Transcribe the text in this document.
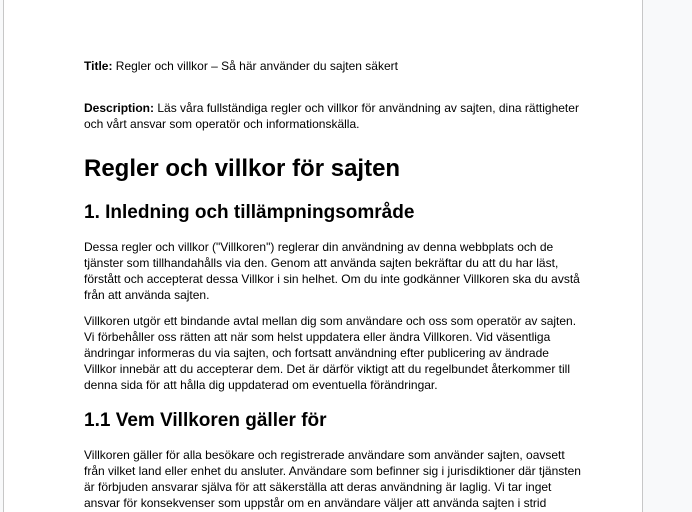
Title: Regler och villkor – Så här använder du sajten säkert

Description: Läs våra fullständiga regler och villkor för användning av sajten, dina rättigheter och vårt ansvar som operatör och informationskälla.

Regler och villkor för sajten
1. Inledning och tillämpningsområde

Dessa regler och villkor ("Villkoren") reglerar din användning av denna webbplats och de tjänster som tillhandahålls via den. Genom att använda sajten bekräftar du att du har läst, förstått och accepterat dessa Villkor i sin helhet. Om du inte godkänner Villkoren ska du avstå från att använda sajten.

Villkoren utgör ett bindande avtal mellan dig som användare och oss som operatör av sajten. Vi förbehåller oss rätten att när som helst uppdatera eller ändra Villkoren. Vid väsentliga ändringar informeras du via sajten, och fortsatt användning efter publicering av ändrade Villkor innebär att du accepterar dem. Det är därför viktigt att du regelbundet återkommer till denna sida för att hålla dig uppdaterad om eventuella förändringar.

1.1 Vem Villkoren gäller för

Villkoren gäller för alla besökare och registrerade användare som använder sajten, oavsett från vilket land eller enhet du ansluter. Användare som befinner sig i jurisdiktioner där tjänsten är förbjuden ansvarar själva för att säkerställa att deras användning är laglig. Vi tar inget ansvar för konsekvenser som uppstår om en användare väljer att använda sajten i strid
